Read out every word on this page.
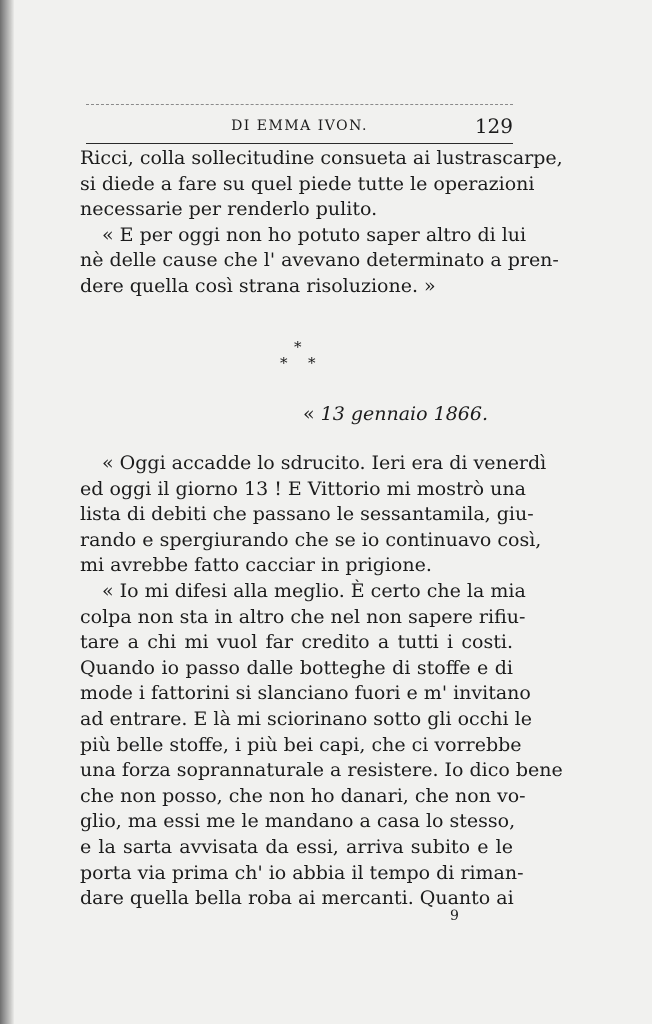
DI EMMA IVON.	129
Ricci, colla sollecitudine consueta ai lustrascarpe,
si diede a fare su quel piede tutte le operazioni
necessarie per renderlo pulito.
« E per oggi non ho potuto saper altro di lui
nè delle cause che l' avevano determinato a pren-
dere quella così strana risoluzione. »
*
* *
« 13 gennaio 1866.
« Oggi accadde lo sdrucito. Ieri era di venerdì
ed oggi il giorno 13 ! E Vittorio mi mostrò una
lista di debiti che passano le sessantamila, giu-
rando e spergiurando che se io continuavo così,
mi avrebbe fatto cacciar in prigione.
« Io mi difesi alla meglio. È certo che la mia
colpa non sta in altro che nel non sapere rifiu-
tare a chi mi vuol far credito a tutti i costi.
Quando io passo dalle botteghe di stoffe e di
mode i fattorini si slanciano fuori e m' invitano
ad entrare. E là mi sciorinano sotto gli occhi le
più belle stoffe, i più bei capi, che ci vorrebbe
una forza soprannaturale a resistere. Io dico bene
che non posso, che non ho danari, che non vo-
glio, ma essi me le mandano a casa lo stesso,
e la sarta avvisata da essi, arriva subito e le
porta via prima ch' io abbia il tempo di riman-
dare quella bella roba ai mercanti. Quanto ai
9
